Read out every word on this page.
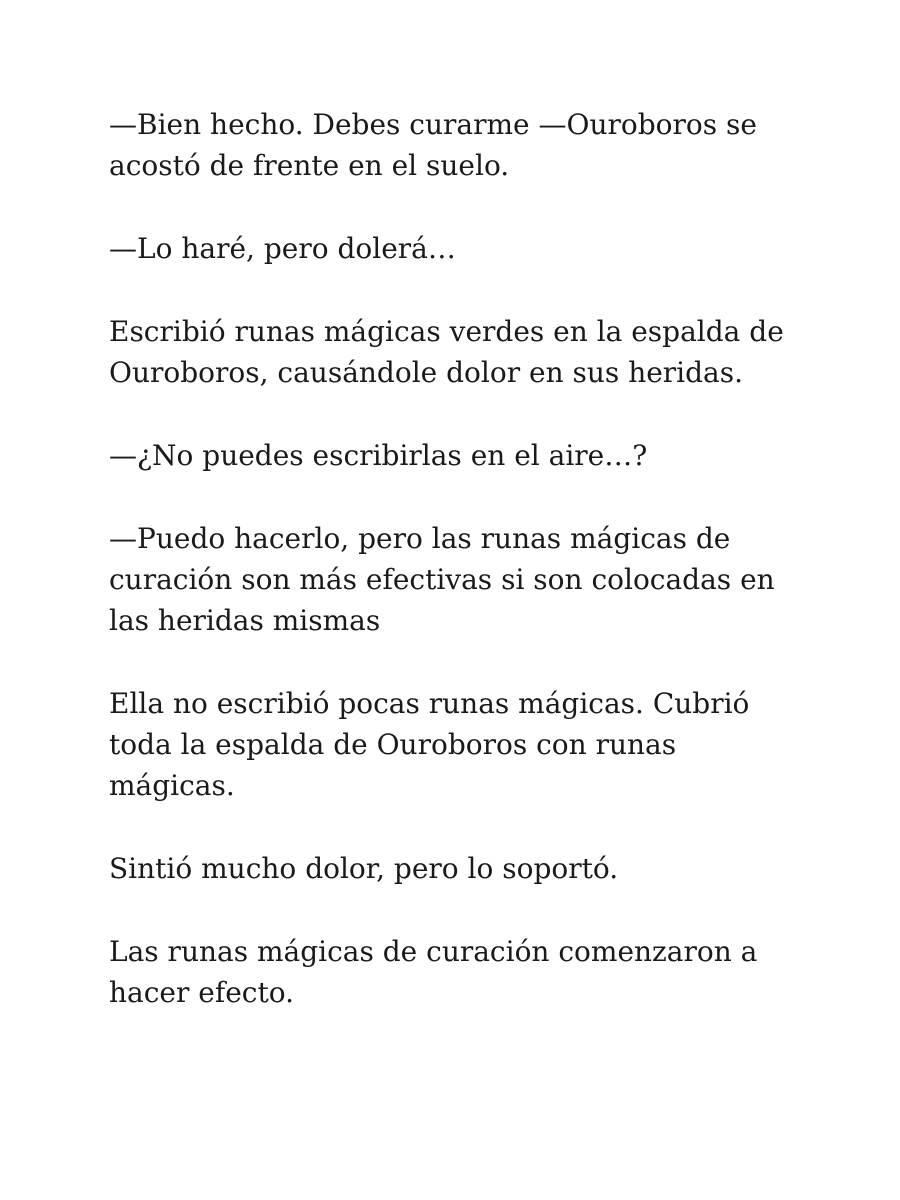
—Bien hecho. Debes curarme —Ouroboros se acostó de frente en el suelo.

—Lo haré, pero dolerá…

Escribió runas mágicas verdes en la espalda de Ouroboros, causándole dolor en sus heridas.

—¿No puedes escribirlas en el aire…?

—Puedo hacerlo, pero las runas mágicas de curación son más efectivas si son colocadas en las heridas mismas

Ella no escribió pocas runas mágicas. Cubrió toda la espalda de Ouroboros con runas mágicas.

Sintió mucho dolor, pero lo soportó.

Las runas mágicas de curación comenzaron a hacer efecto.
